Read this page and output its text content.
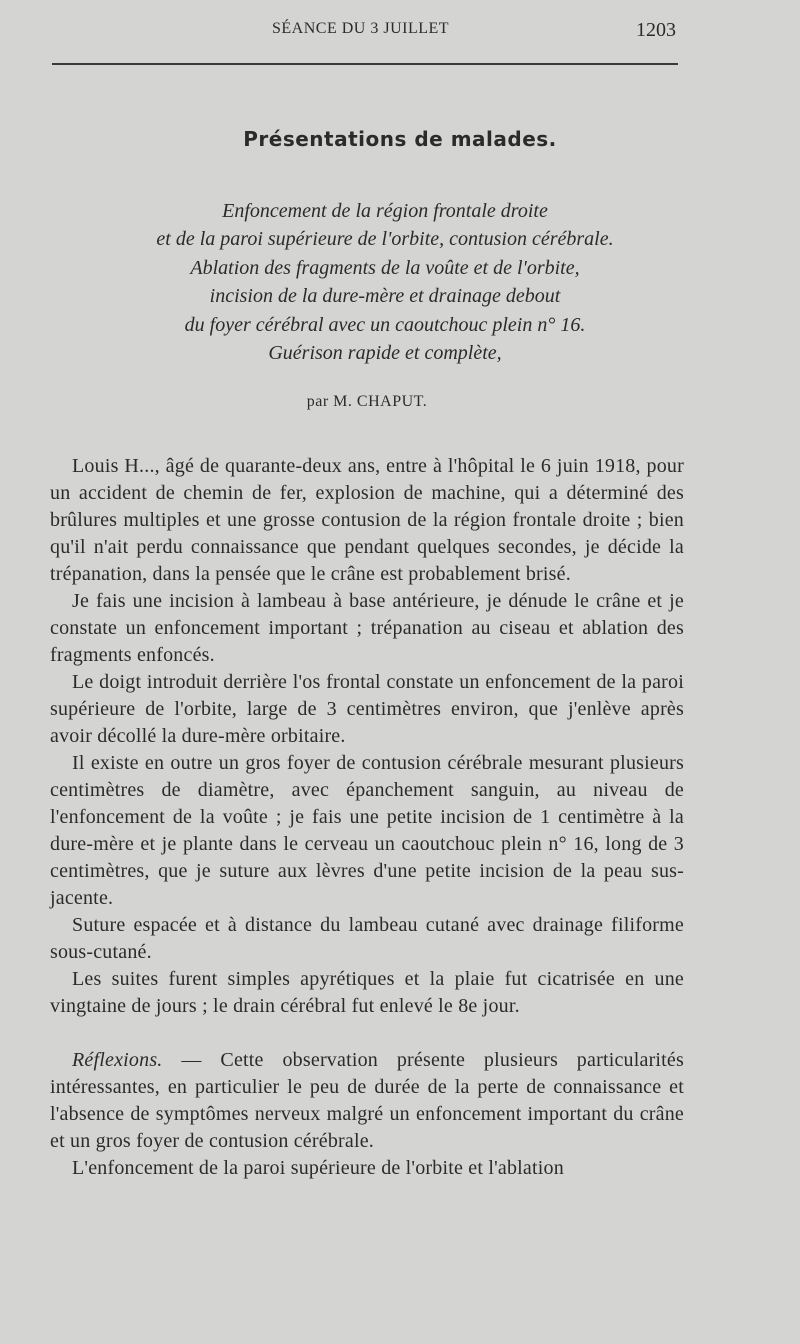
SÉANCE DU 3 JUILLET	1203
Présentations de malades.
Enfoncement de la région frontale droite
et de la paroi supérieure de l'orbite, contusion cérébrale.
Ablation des fragments de la voûte et de l'orbite,
incision de la dure-mère et drainage debout
du foyer cérébral avec un caoutchouc plein n° 16.
Guérison rapide et complète,
par M. CHAPUT.

Louis H..., âgé de quarante-deux ans, entre à l'hôpital le 6 juin 1918, pour un accident de chemin de fer, explosion de machine, qui a déterminé des brûlures multiples et une grosse contusion de la région frontale droite ; bien qu'il n'ait perdu connaissance que pendant quelques secondes, je décide la trépanation, dans la pensée que le crâne est probablement brisé.

Je fais une incision à lambeau à base antérieure, je dénude le crâne et je constate un enfoncement important ; trépanation au ciseau et ablation des fragments enfoncés.

Le doigt introduit derrière l'os frontal constate un enfoncement de la paroi supérieure de l'orbite, large de 3 centimètres environ, que j'enlève après avoir décollé la dure-mère orbitaire.

Il existe en outre un gros foyer de contusion cérébrale mesurant plusieurs centimètres de diamètre, avec épanchement sanguin, au niveau de l'enfoncement de la voûte ; je fais une petite incision de 1 centimètre à la dure-mère et je plante dans le cerveau un caoutchouc plein n° 16, long de 3 centimètres, que je suture aux lèvres d'une petite incision de la peau sus-jacente.

Suture espacée et à distance du lambeau cutané avec drainage filiforme sous-cutané.

Les suites furent simples apyrétiques et la plaie fut cicatrisée en une vingtaine de jours ; le drain cérébral fut enlevé le 8e jour.

Réflexions. — Cette observation présente plusieurs particularités intéressantes, en particulier le peu de durée de la perte de connaissance et l'absence de symptômes nerveux malgré un enfoncement important du crâne et un gros foyer de contusion cérébrale.

L'enfoncement de la paroi supérieure de l'orbite et l'ablation
